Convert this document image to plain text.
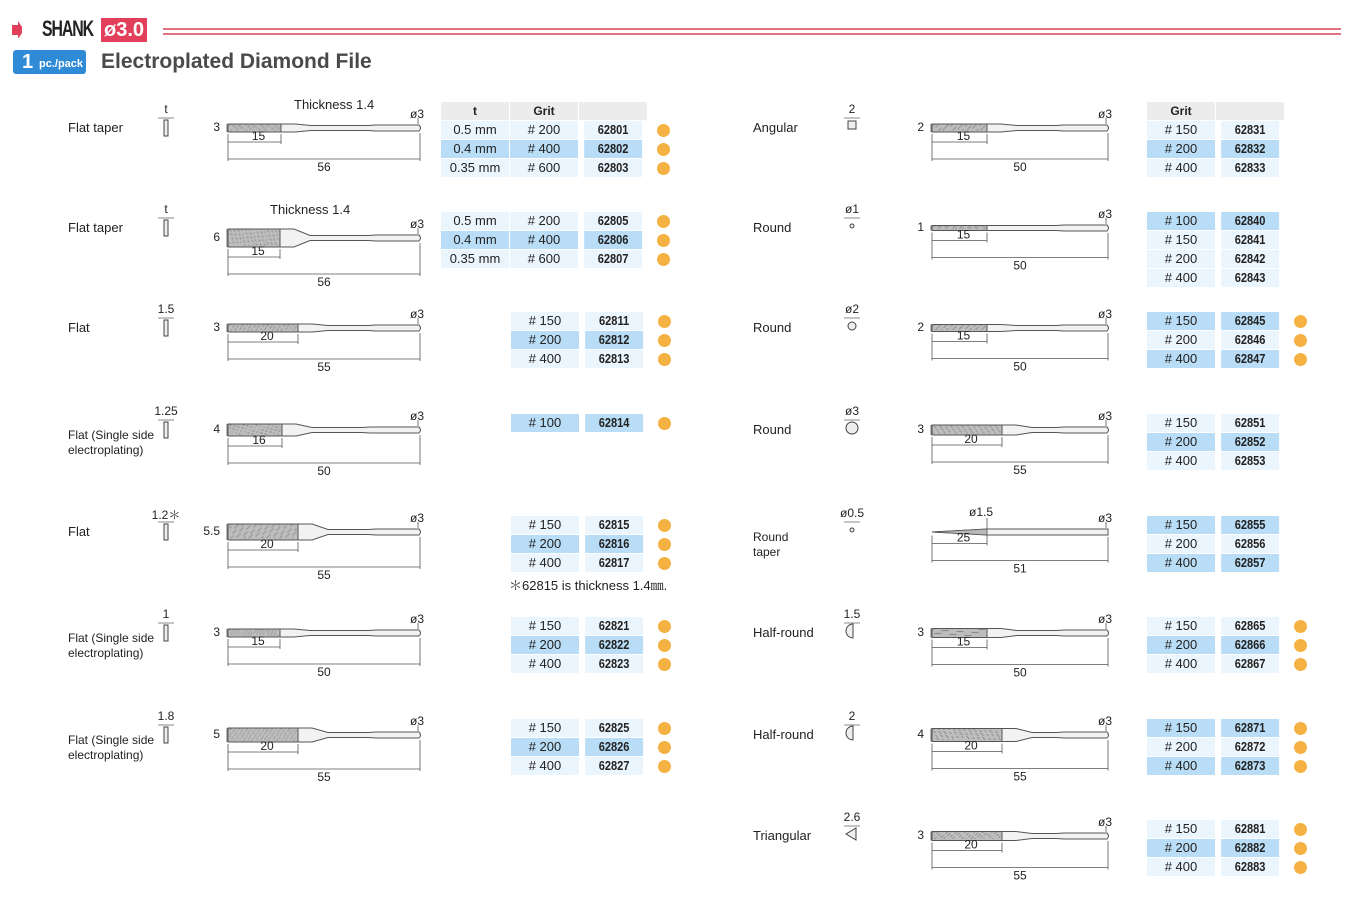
SHANK ø3.0
1 pc./pack Electroplated Diamond File
Flat taper
t
15
56
ø3
3
Thickness 1.4	t	Grit
0.5 mm	# 200	62801
0.4 mm	# 400	62802
0.35 mm	# 600	62803
Flat taper
t
15
56
ø3
6
Thickness 1.4
0.5 mm	# 200	62805
0.4 mm	# 400	62806
0.35 mm	# 600	62807
Flat
1.5
20
55
ø3
3	# 150	62811
# 200	62812
# 400	62813
Flat (Single side
electroplating)
1.25
16
50
ø3
4	# 100	62814
Flat
1.2＊
20
55
ø3
5.5	# 150	62815
# 200	62816
# 400	62817
＊62815 is thickness 1.4㎜.
Flat (Single side
electroplating)
1
15
50
ø3
3	# 150	62821
# 200	62822
# 400	62823
Flat (Single side
electroplating)
1.8
20
55
ø3
5	# 150	62825
# 200	62826
# 400	62827
Angular
2
15
50
ø3
2
Grit
# 150	62831
# 200	62832
# 400	62833
Round
ø1
15
50
ø3
1	# 100	62840
# 150	62841
# 200	62842
# 400	62843
Round
ø2
15
50
ø3
2	# 150	62845
# 200	62846
# 400	62847
Round
ø3
20
55
ø3
3	# 150	62851
# 200	62852
# 400	62853
Round
taper
ø0.5
25
51
ø3
ø1.5
# 150	62855
# 200	62856
# 400	62857
Half-round
1.5
15
50
ø3
3	# 150	62865
# 200	62866
# 400	62867
Half-round
2
20
55
ø3
4	# 150	62871
# 200	62872
# 400	62873
Triangular
2.6
20
55
ø3
3	# 150	62881
# 200	62882
# 400	62883
